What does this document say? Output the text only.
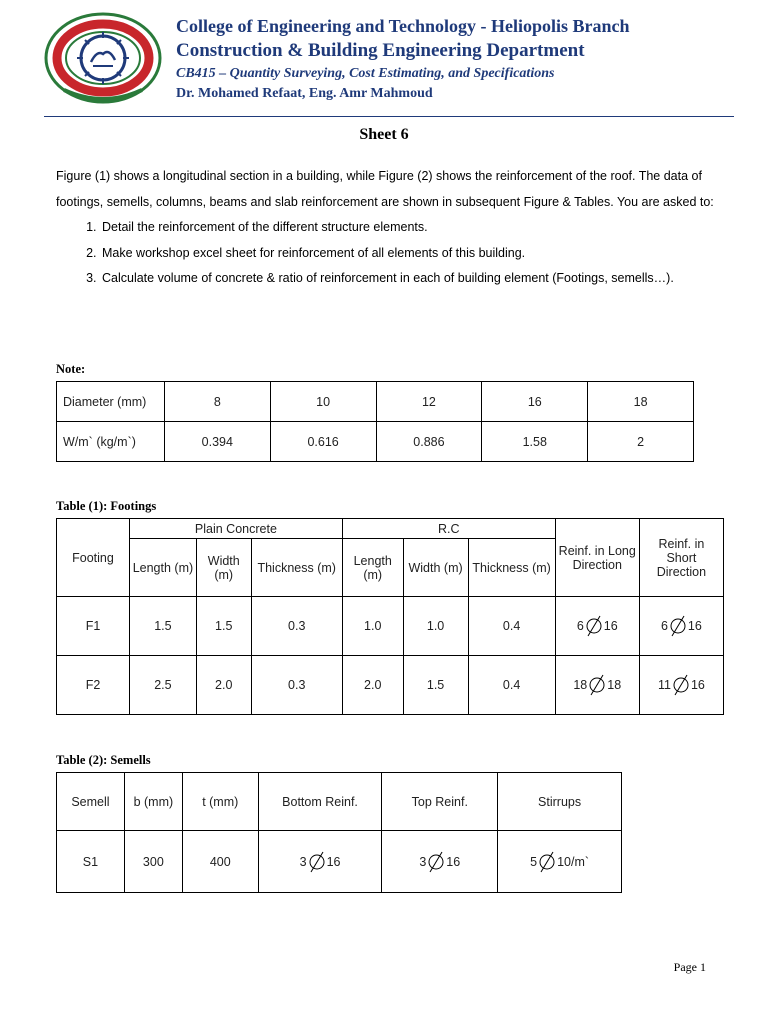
College of Engineering and Technology - Heliopolis Branch
Construction & Building Engineering Department
CB415 – Quantity Surveying, Cost Estimating, and Specifications
Dr. Mohamed Refaat, Eng. Amr Mahmoud
Sheet 6

Figure (1) shows a longitudinal section in a building, while Figure (2) shows the reinforcement of the roof. The data of footings, semells, columns, beams and slab reinforcement are shown in subsequent Figure & Tables. You are asked to:

1. Detail the reinforcement of the different structure elements.
2. Make workshop excel sheet for reinforcement of all elements of this building.
3. Calculate volume of concrete & ratio of reinforcement in each of building element (Footings, semells…).
Note:
Diameter (mm)	8	10	12	16	18
W/m` (kg/m`)	0.394	0.616	0.886	1.58	2
Table (1): Footings
Footing	Plain Concrete			R.C			Reinf. in Long Direction	Reinf. in Short Direction
	Length (m)	Width (m)	Thickness (m)	Length (m)	Width (m)	Thickness (m)		
F1	1.5	1.5	0.3	1.0	1.0	0.4	6 16	6 16

F2	2.5	2.0	0.3	2.0	1.5	0.4	18 18	11 16
Table (2): Semells
Semell	b (mm)	t (mm)	Bottom Reinf.	Top Reinf.	Stirrups
S1	300	400	3 16	3 16	5 10/m`
Page 1
